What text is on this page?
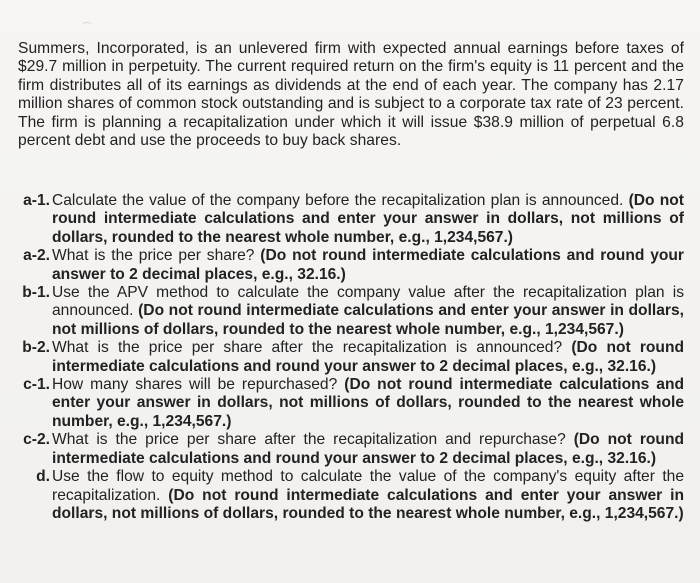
Summers, Incorporated, is an unlevered firm with expected annual earnings before taxes of $29.7 million in perpetuity. The current required return on the firm's equity is 11 percent and the firm distributes all of its earnings as dividends at the end of each year. The company has 2.17 million shares of common stock outstanding and is subject to a corporate tax rate of 23 percent. The firm is planning a recapitalization under which it will issue $38.9 million of perpetual 6.8 percent debt and use the proceeds to buy back shares.

a-1. Calculate the value of the company before the recapitalization plan is announced. (Do not round intermediate calculations and enter your answer in dollars, not millions of dollars, rounded to the nearest whole number, e.g., 1,234,567.)
a-2. What is the price per share? (Do not round intermediate calculations and round your answer to 2 decimal places, e.g., 32.16.)
b-1. Use the APV method to calculate the company value after the recapitalization plan is announced. (Do not round intermediate calculations and enter your answer in dollars, not millions of dollars, rounded to the nearest whole number, e.g., 1,234,567.)
b-2. What is the price per share after the recapitalization is announced? (Do not round intermediate calculations and round your answer to 2 decimal places, e.g., 32.16.)
c-1. How many shares will be repurchased? (Do not round intermediate calculations and enter your answer in dollars, not millions of dollars, rounded to the nearest whole number, e.g., 1,234,567.)
c-2. What is the price per share after the recapitalization and repurchase? (Do not round intermediate calculations and round your answer to 2 decimal places, e.g., 32.16.)
d. Use the flow to equity method to calculate the value of the company's equity after the recapitalization. (Do not round intermediate calculations and enter your answer in dollars, not millions of dollars, rounded to the nearest whole number, e.g., 1,234,567.)
